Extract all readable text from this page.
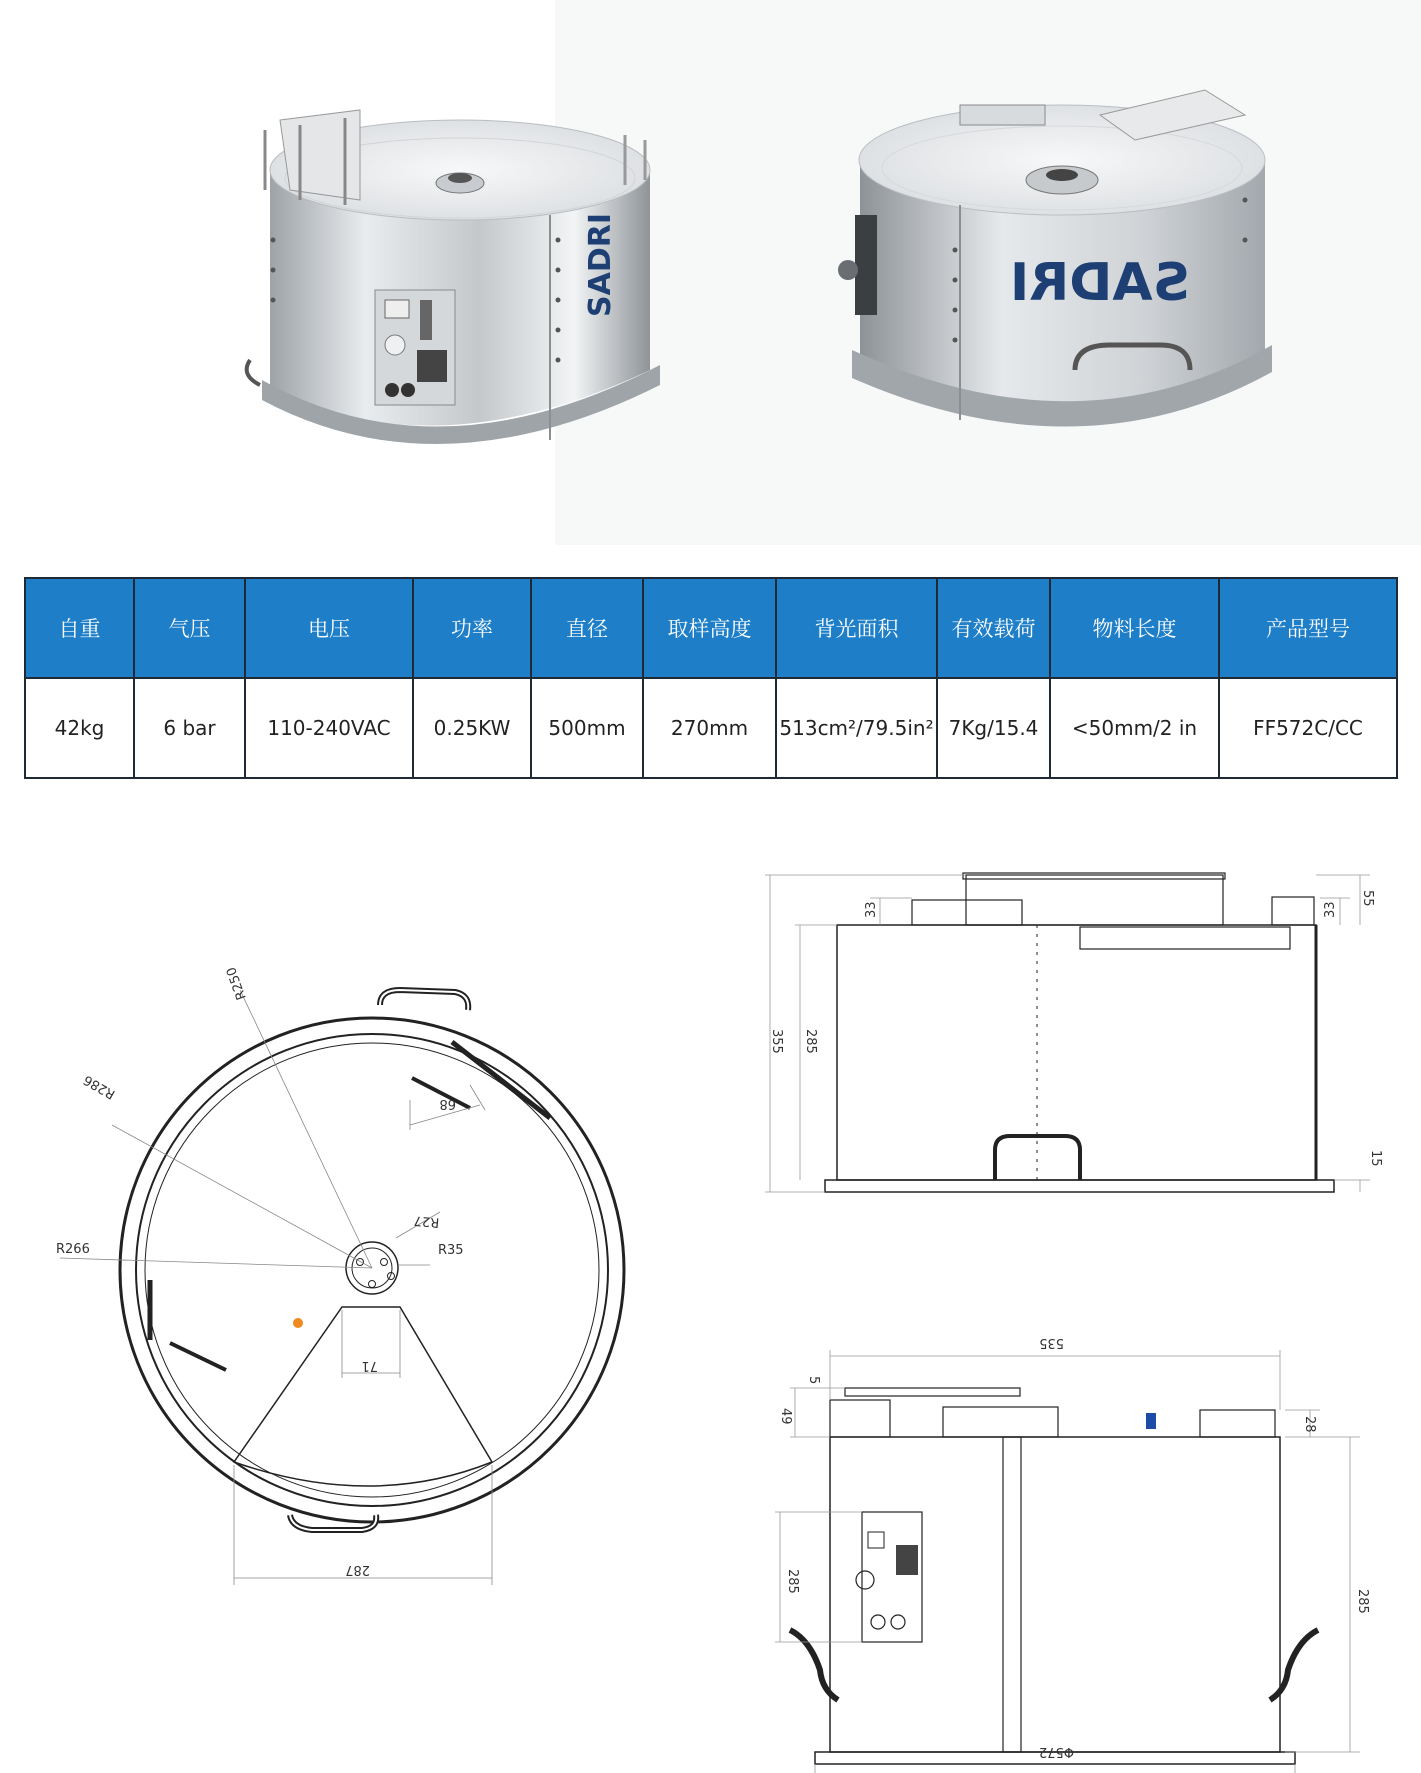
SADRI	SADRI
自重	气压	电压	功率	直径	取样高度	背光面积	有效载荷	物料长度	产品型号
42kg	6 bar	110-240VAC	0.25KW	500mm	270mm	513cm²/79.5in²	7Kg/15.4	<50mm/2 in	FF572C/CC
R250
R286
R266
R27
R35
68
71
287
55
33	33
355 285
15
535
5
49	28
285
285
Φ572
